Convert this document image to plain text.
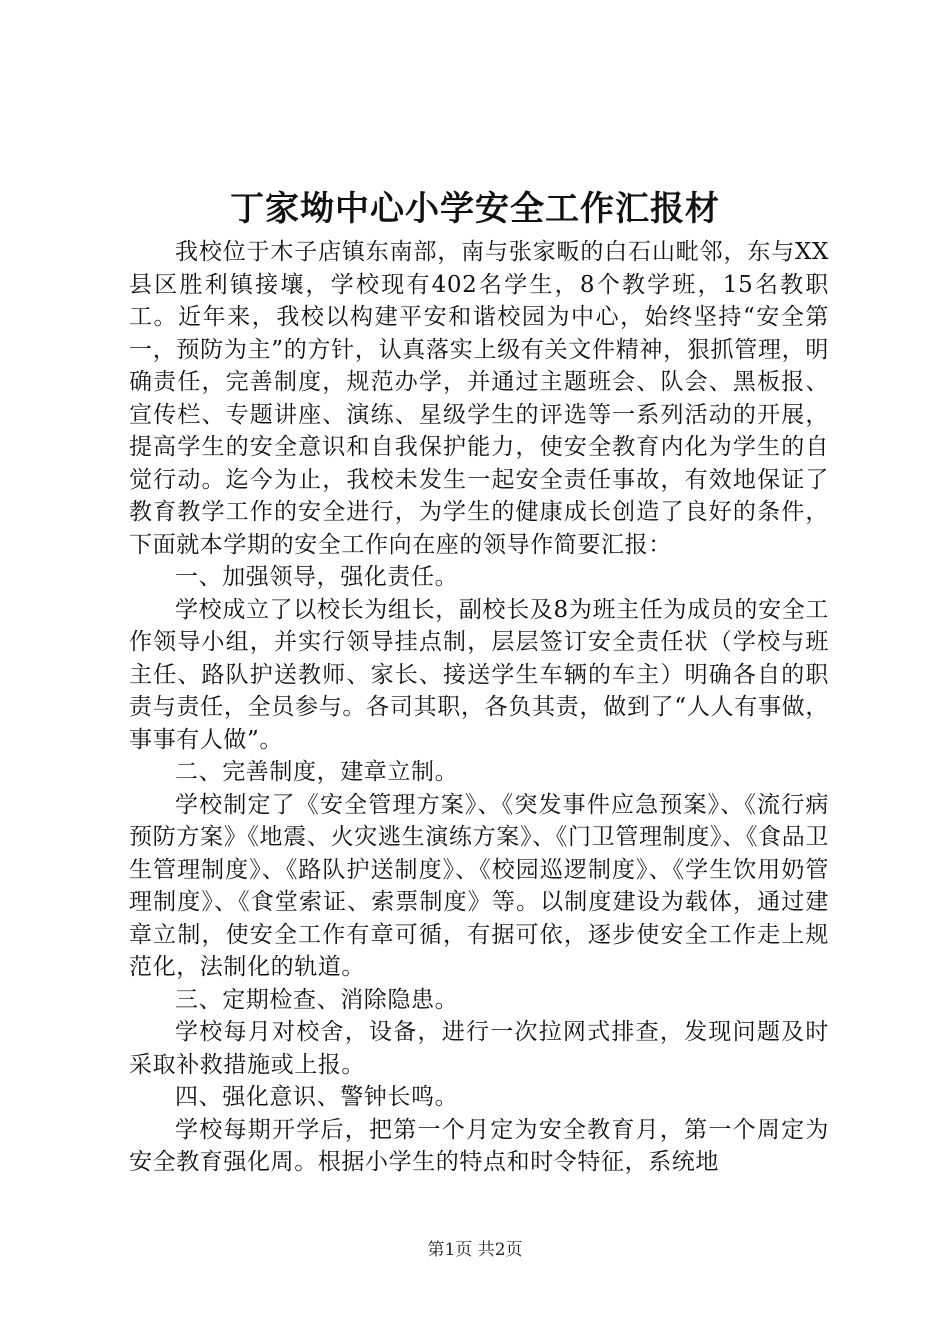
丁家坳中心小学安全工作汇报材

我校位于木子店镇东南部，南与张家畈的白石山毗邻，东与XX县区胜利镇接壤，学校现有402名学生，8个教学班，15名教职工。近年来，我校以构建平安和谐校园为中心，始终坚持“安全第一，预防为主”的方针，认真落实上级有关文件精神，狠抓管理，明确责任，完善制度，规范办学，并通过主题班会、队会、黑板报、宣传栏、专题讲座、演练、星级学生的评选等一系列活动的开展，提高学生的安全意识和自我保护能力，使安全教育内化为学生的自觉行动。迄今为止，我校未发生一起安全责任事故，有效地保证了教育教学工作的安全进行，为学生的健康成长创造了良好的条件，下面就本学期的安全工作向在座的领导作简要汇报：

一、加强领导，强化责任。

学校成立了以校长为组长，副校长及8为班主任为成员的安全工作领导小组，并实行领导挂点制，层层签订安全责任状（学校与班主任、路队护送教师、家长、接送学生车辆的车主）明确各自的职责与责任，全员参与。各司其职，各负其责，做到了“人人有事做，事事有人做”。

二、完善制度，建章立制。

学校制定了《安全管理方案》、《突发事件应急预案》、《流行病预防方案》《地震、火灾逃生演练方案》、《门卫管理制度》、《食品卫生管理制度》、《路队护送制度》、《校园巡逻制度》、《学生饮用奶管理制度》、《食堂索证、索票制度》等。以制度建设为载体，通过建章立制，使安全工作有章可循，有据可依，逐步使安全工作走上规范化，法制化的轨道。

三、定期检查、消除隐患。

学校每月对校舍，设备，进行一次拉网式排查，发现问题及时采取补救措施或上报。

四、强化意识、警钟长鸣。

学校每期开学后，把第一个月定为安全教育月，第一个周定为安全教育强化周。根据小学生的特点和时令特征，系统地

第1页 共2页
